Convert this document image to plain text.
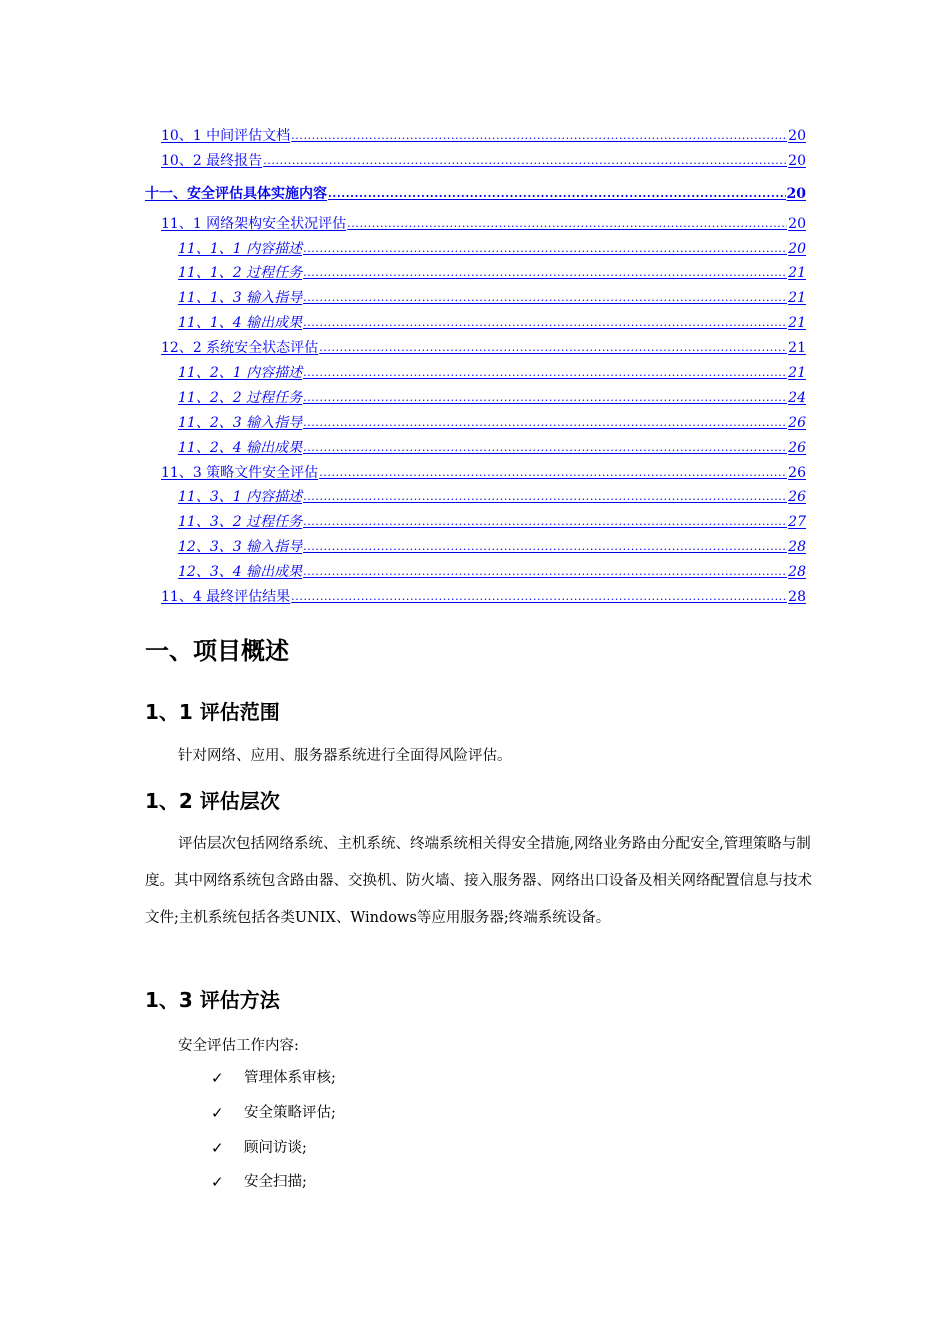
10、1 中间评估文档 .....	20
10、2 最终报告 .....	20
十一、安全评估具体实施内容 .....	20
11、1 网络架构安全状况评估 .....	20
11、1、1 内容描述 .....	20
11、1、2 过程任务 .....	21
11、1、3 输入指导 .....	21
11、1、4 输出成果 .....	21
12、2 系统安全状态评估 .....	21
11、2、1 内容描述 .....	21
11、2、2 过程任务 .....	24
11、2、3 输入指导 .....	26
11、2、4 输出成果 .....	26
11、3 策略文件安全评估 .....	26
11、3、1 内容描述 .....	26
11、3、2 过程任务 .....	27
12、3、3 输入指导 .....	28
12、3、4 输出成果 .....	28
11、4 最终评估结果 .....	28
一、项目概述
1、1 评估范围

针对网络、应用、服务器系统进行全面得风险评估。

1、2 评估层次

评估层次包括网络系统、主机系统、终端系统相关得安全措施,网络业务路由分配安全,管理策略与制度。其中网络系统包含路由器、交换机、防火墙、接入服务器、网络出口设备及相关网络配置信息与技术文件;主机系统包括各类UNIX、Windows等应用服务器;终端系统设备。

1、3 评估方法

安全评估工作内容:

✓	管理体系审核;
✓	安全策略评估;
✓	顾问访谈;
✓	安全扫描;
